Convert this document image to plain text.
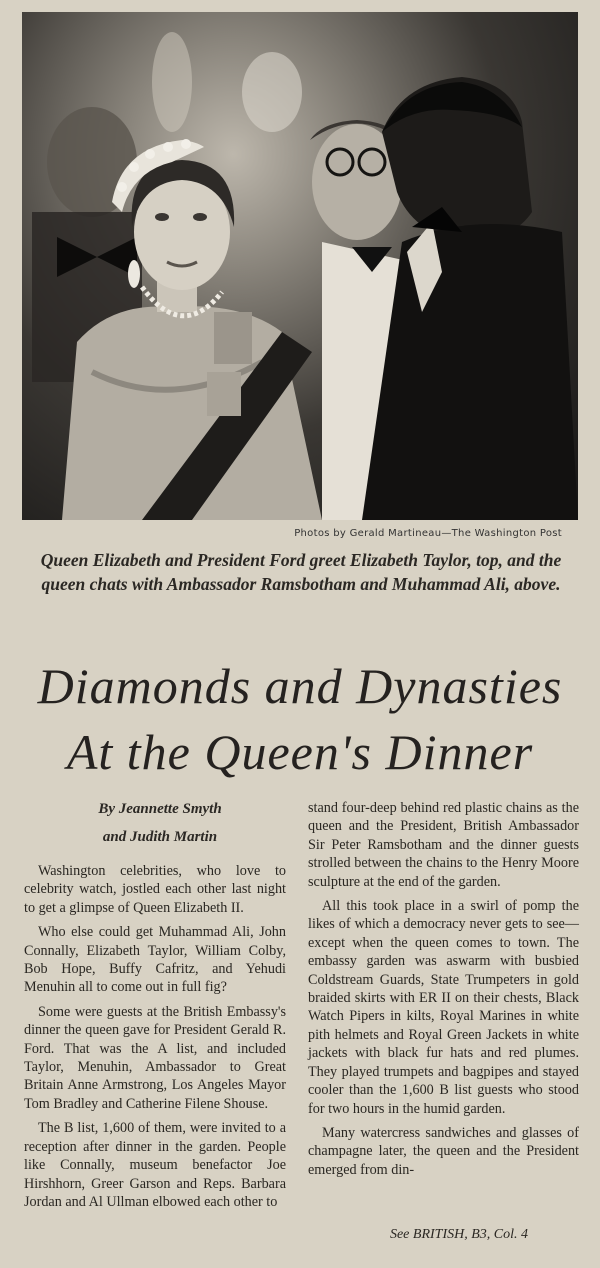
Photos by Gerald Martineau—The Washington Post
Queen Elizabeth and President Ford greet Elizabeth Taylor, top, and the queen chats with Ambassador Ramsbotham and Muhammad Ali, above.
Diamonds and Dynasties
At the Queen's Dinner
By Jeannette Smyth
and Judith Martin

Washington celebrities, who love to celebrity watch, jostled each other last night to get a glimpse of Queen Elizabeth II.

Who else could get Muhammad Ali, John Connally, Elizabeth Taylor, William Colby, Bob Hope, Buffy Cafritz, and Yehudi Menuhin all to come out in full fig?

Some were guests at the British Embassy's dinner the queen gave for President Gerald R. Ford. That was the A list, and included Taylor, Menuhin, Ambassador to Great Britain Anne Armstrong, Los Angeles Mayor Tom Bradley and Catherine Filene Shouse.

The B list, 1,600 of them, were invited to a reception after dinner in the garden. People like Connally, museum benefactor Joe Hirshhorn, Greer Garson and Reps. Barbara Jordan and Al Ullman elbowed each other to

stand four-deep behind red plastic chains as the queen and the President, British Ambassador Sir Peter Ramsbotham and the dinner guests strolled between the chains to the Henry Moore sculpture at the end of the garden.

All this took place in a swirl of pomp the likes of which a democracy never gets to see—except when the queen comes to town. The embassy garden was aswarm with busbied Coldstream Guards, State Trumpeters in gold braided skirts with ER II on their chests, Black Watch Pipers in kilts, Royal Marines in white pith helmets and Royal Green Jackets in white jackets with black fur hats and red plumes. They played trumpets and bagpipes and stayed cooler than the 1,600 B list guests who stood for two hours in the humid garden.

Many watercress sandwiches and glasses of champagne later, the queen and the President emerged from din-

See BRITISH, B3, Col. 4
